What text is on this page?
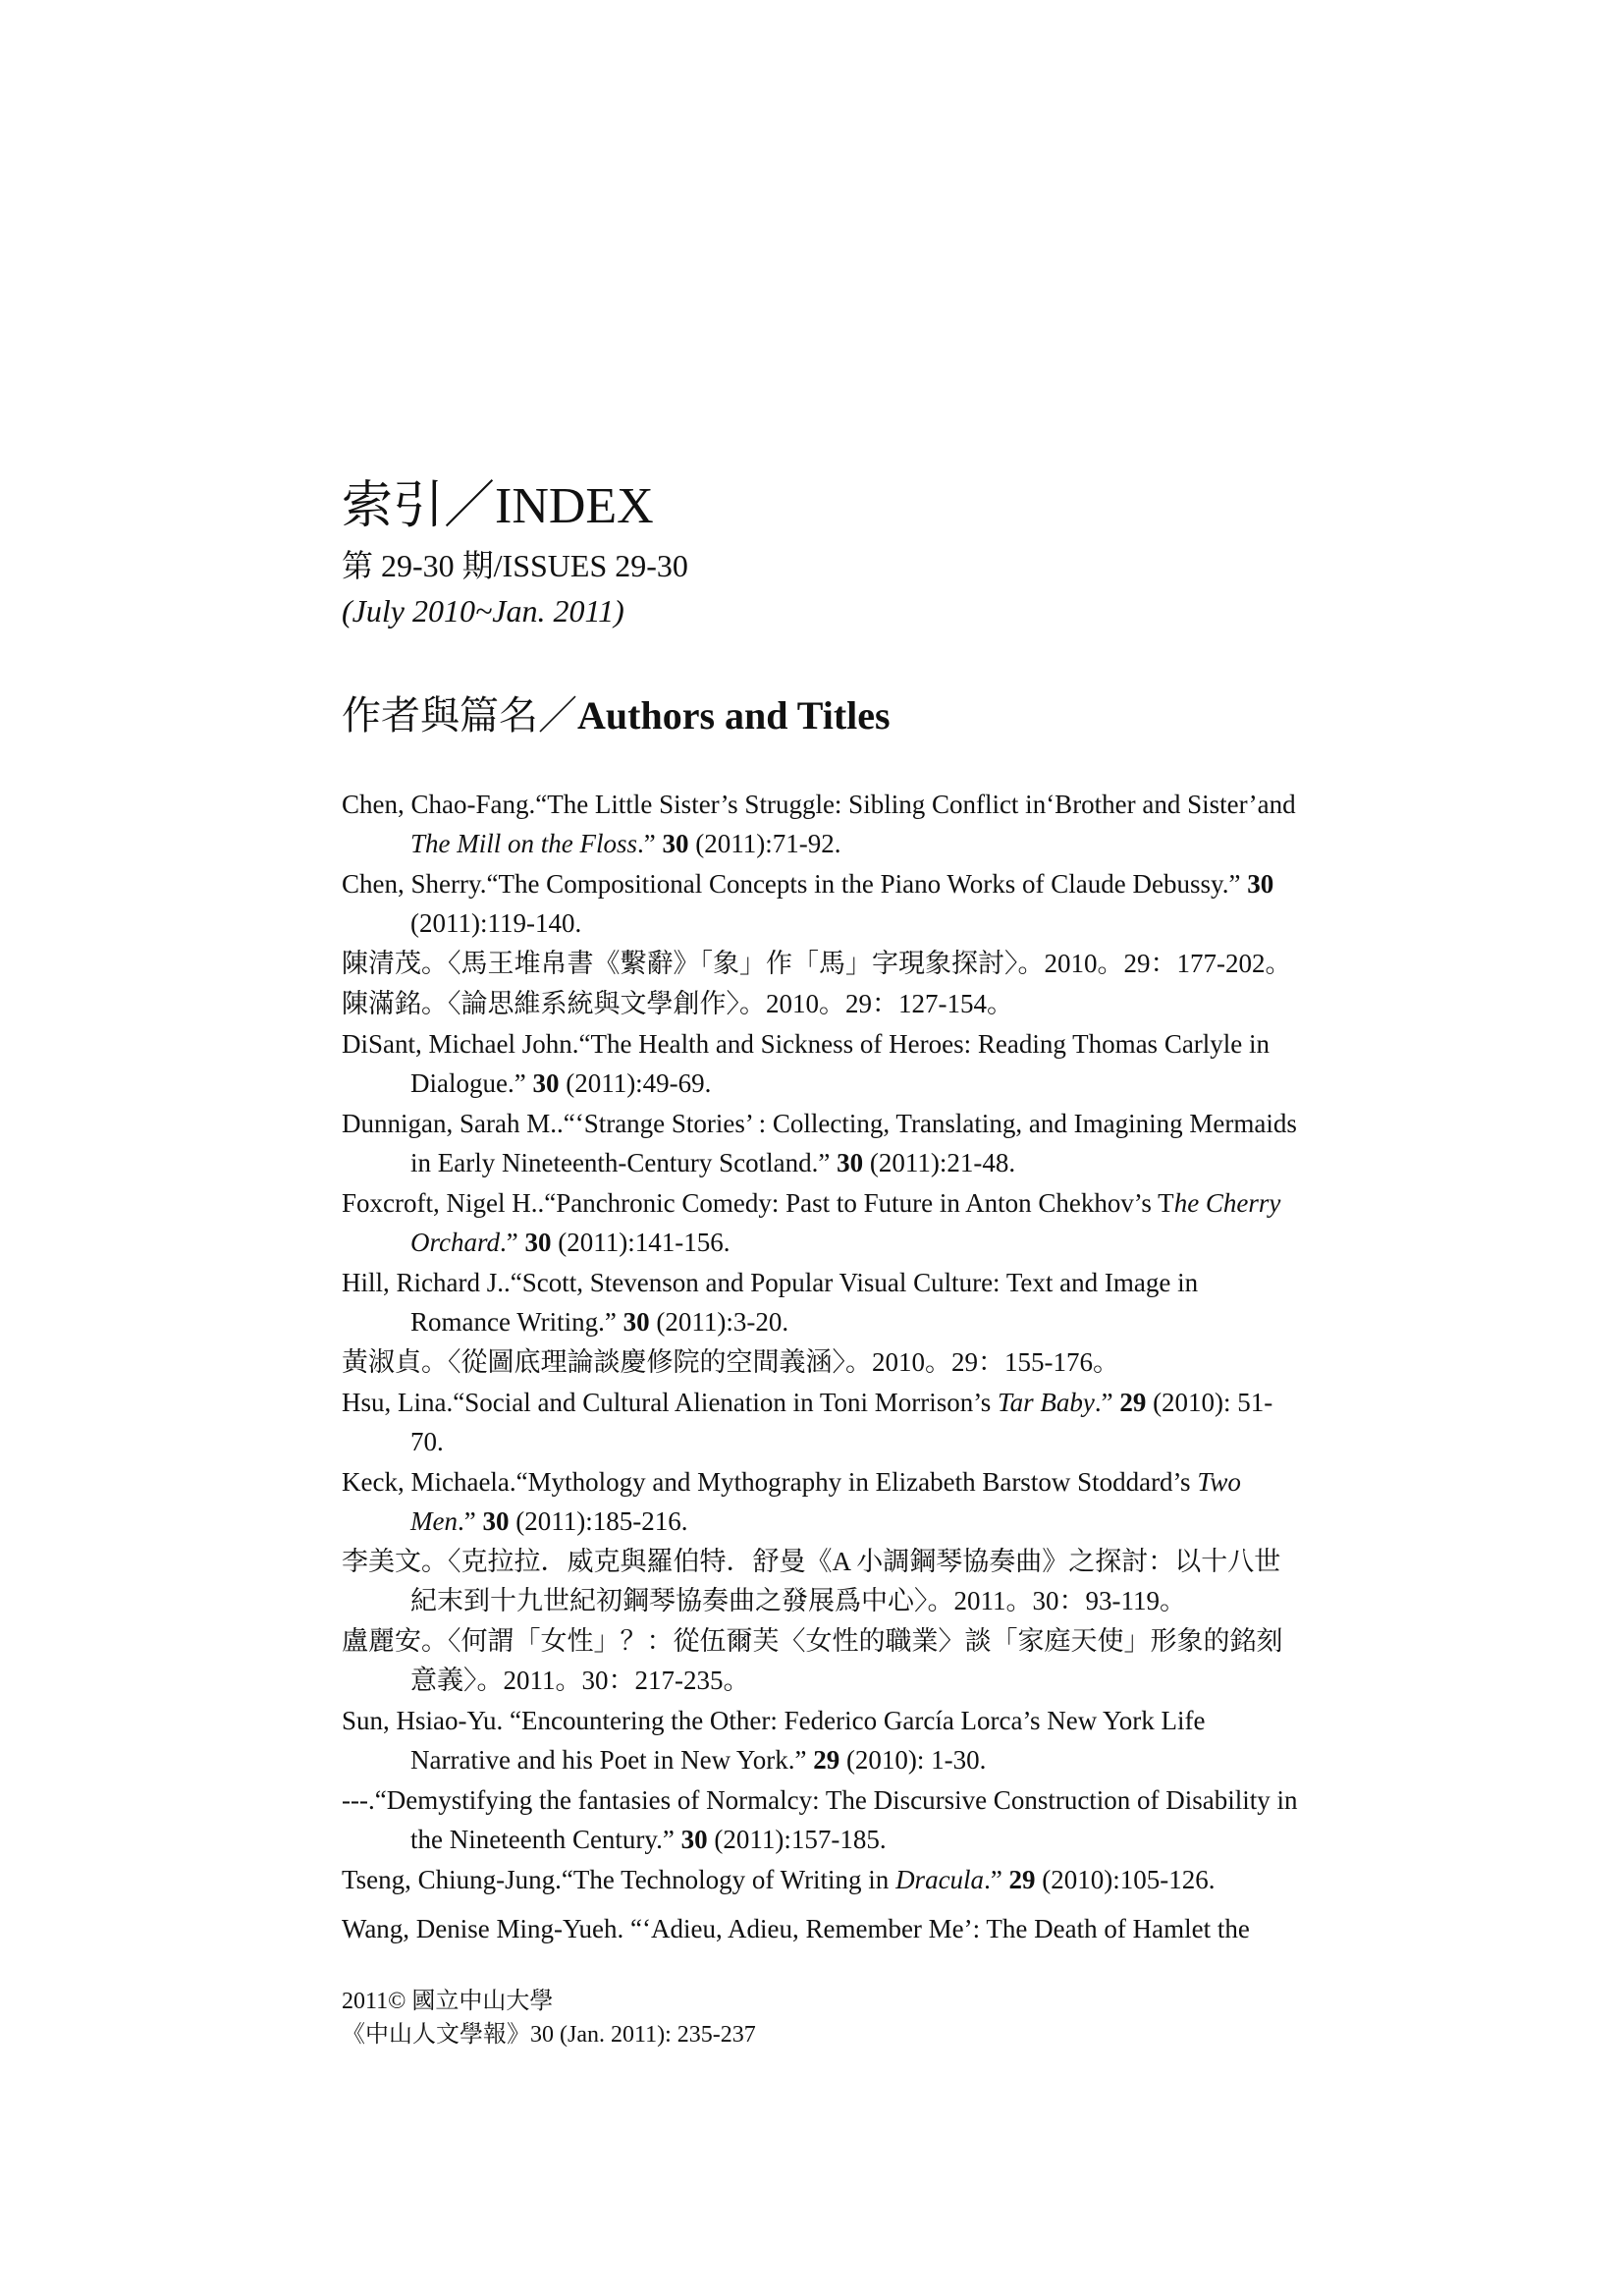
索引／INDEX
第 29-30 期/ISSUES 29-30
(July 2010~Jan. 2011)
作者與篇名／Authors and Titles
Chen, Chao-Fang.“The Little Sister’s Struggle: Sibling Conflict in‘Brother and Sister’and The Mill on the Floss.” 30 (2011):71-92.
Chen, Sherry.“The Compositional Concepts in the Piano Works of Claude Debussy.” 30 (2011):119-140.
陳清茂。〈馬王堆帛書《繫辭》「象」作「馬」字現象探討〉。2010。29：177-202。
陳滿銘。〈論思維系統與文學創作〉。2010。29：127-154。
DiSant, Michael John.“The Health and Sickness of Heroes: Reading Thomas Carlyle in Dialogue.” 30 (2011):49-69.
Dunnigan, Sarah M..“‘Strange Stories’ : Collecting, Translating, and Imagining Mermaids in Early Nineteenth-Century Scotland.” 30 (2011):21-48.
Foxcroft, Nigel H..“Panchronic Comedy: Past to Future in Anton Chekhov’s The Cherry Orchard.” 30 (2011):141-156.
Hill, Richard J..“Scott, Stevenson and Popular Visual Culture: Text and Image in Romance Writing.” 30 (2011):3-20.
黃淑貞。〈從圖底理論談慶修院的空間義涵〉。2010。29：155-176。
Hsu, Lina.“Social and Cultural Alienation in Toni Morrison’s Tar Baby.” 29 (2010): 51-70.
Keck, Michaela.“Mythology and Mythography in Elizabeth Barstow Stoddard’s Two Men.” 30 (2011):185-216.
李美文。〈克拉拉．威克與羅伯特．舒曼《A 小調鋼琴協奏曲》之探討：以十八世紀末到十九世紀初鋼琴協奏曲之發展爲中心〉。2011。30：93-119。
盧麗安。〈何謂「女性」？：從伍爾芙〈女性的職業〉談「家庭天使」形象的銘刻意義〉。2011。30：217-235。
Sun, Hsiao-Yu. “Encountering the Other: Federico García Lorca’s New York Life Narrative and his Poet in New York.” 29 (2010): 1-30.
---.“Demystifying the fantasies of Normalcy: The Discursive Construction of Disability in the Nineteenth Century.” 30 (2011):157-185.
Tseng, Chiung-Jung.“The Technology of Writing in Dracula.” 29 (2010):105-126.
Wang, Denise Ming-Yueh. “‘Adieu, Adieu, Remember Me’: The Death of Hamlet the
2011© 國立中山大學
《中山人文學報》30 (Jan. 2011): 235-237
